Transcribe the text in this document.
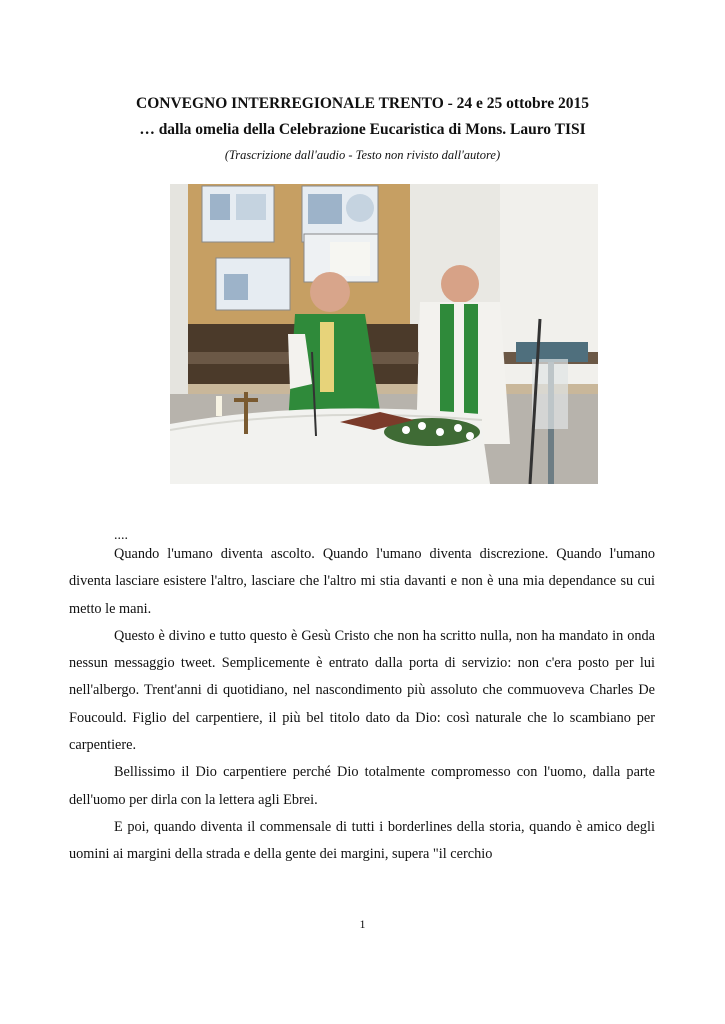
CONVEGNO INTERREGIONALE TRENTO - 24 e 25 ottobre 2015
… dalla omelia della Celebrazione Eucaristica di Mons. Lauro TISI
(Trascrizione dall'audio - Testo non rivisto dall'autore)
....

Quando l'umano diventa ascolto. Quando l'umano diventa discrezione. Quando l'umano diventa lasciare esistere l'altro, lasciare che l'altro mi stia davanti e non è una mia dependance su cui metto le mani.

Questo è divino e tutto questo è Gesù Cristo che non ha scritto nulla, non ha mandato in onda nessun messaggio tweet. Semplicemente è entrato dalla porta di servizio: non c'era posto per lui nell'albergo. Trent'anni di quotidiano, nel nascondimento più assoluto che commuoveva Charles De Foucould. Figlio del carpentiere, il più bel titolo dato da Dio: così naturale che lo scambiano per carpentiere.

Bellissimo il Dio carpentiere perché Dio totalmente compromesso con l'uomo, dalla parte dell'uomo per dirla con la lettera agli Ebrei.

E poi, quando diventa il commensale di tutti i borderlines della storia, quando è amico degli uomini ai margini della strada e della gente dei margini, supera "il cerchio

1
